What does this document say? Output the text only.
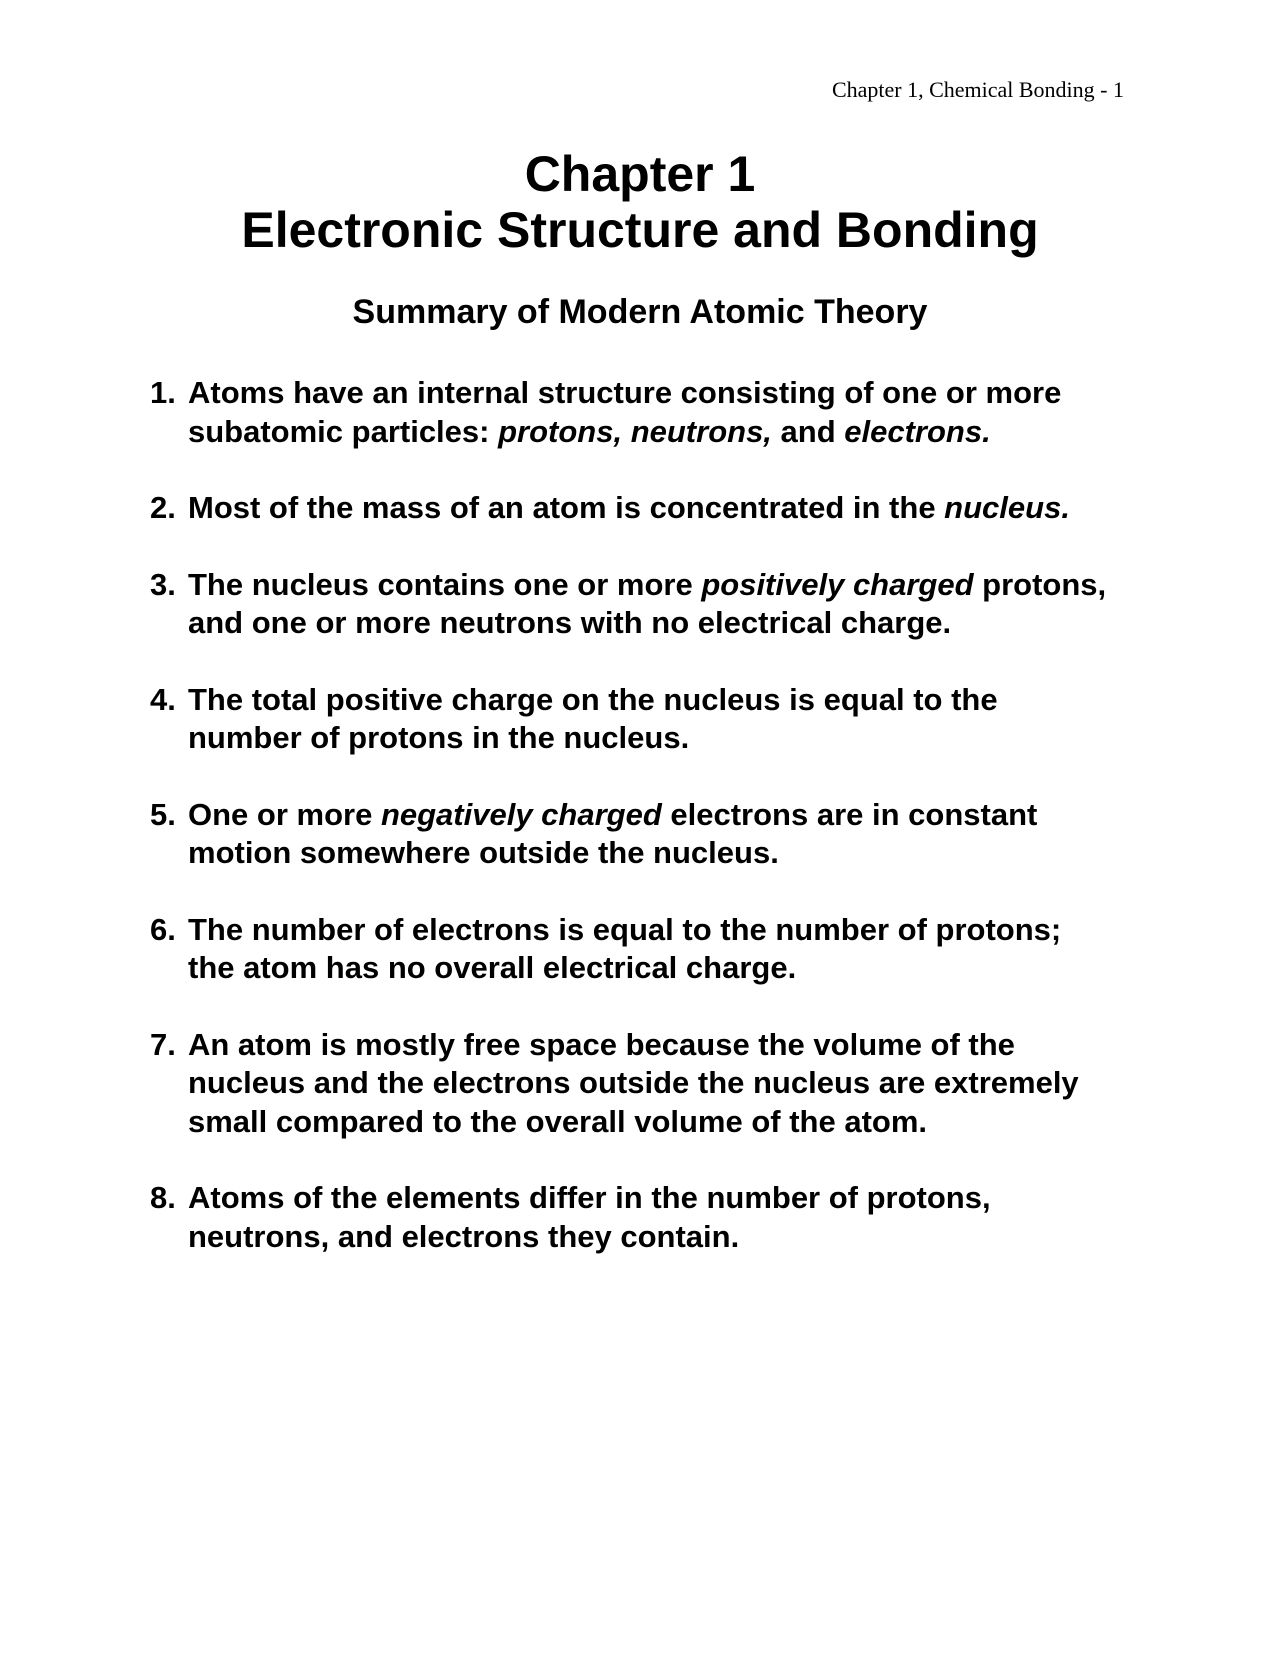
Chapter 1, Chemical Bonding - 1
Chapter 1
Electronic Structure and Bonding
Summary of Modern Atomic Theory
1. Atoms have an internal structure consisting of one or more subatomic particles: protons, neutrons, and electrons.
2. Most of the mass of an atom is concentrated in the nucleus.
3. The nucleus contains one or more positively charged protons, and one or more neutrons with no electrical charge.
4. The total positive charge on the nucleus is equal to the number of protons in the nucleus.
5. One or more negatively charged electrons are in constant motion somewhere outside the nucleus.
6. The number of electrons is equal to the number of protons; the atom has no overall electrical charge.
7. An atom is mostly free space because the volume of the nucleus and the electrons outside the nucleus are extremely small compared to the overall volume of the atom.
8. Atoms of the elements differ in the number of protons, neutrons, and electrons they contain.
